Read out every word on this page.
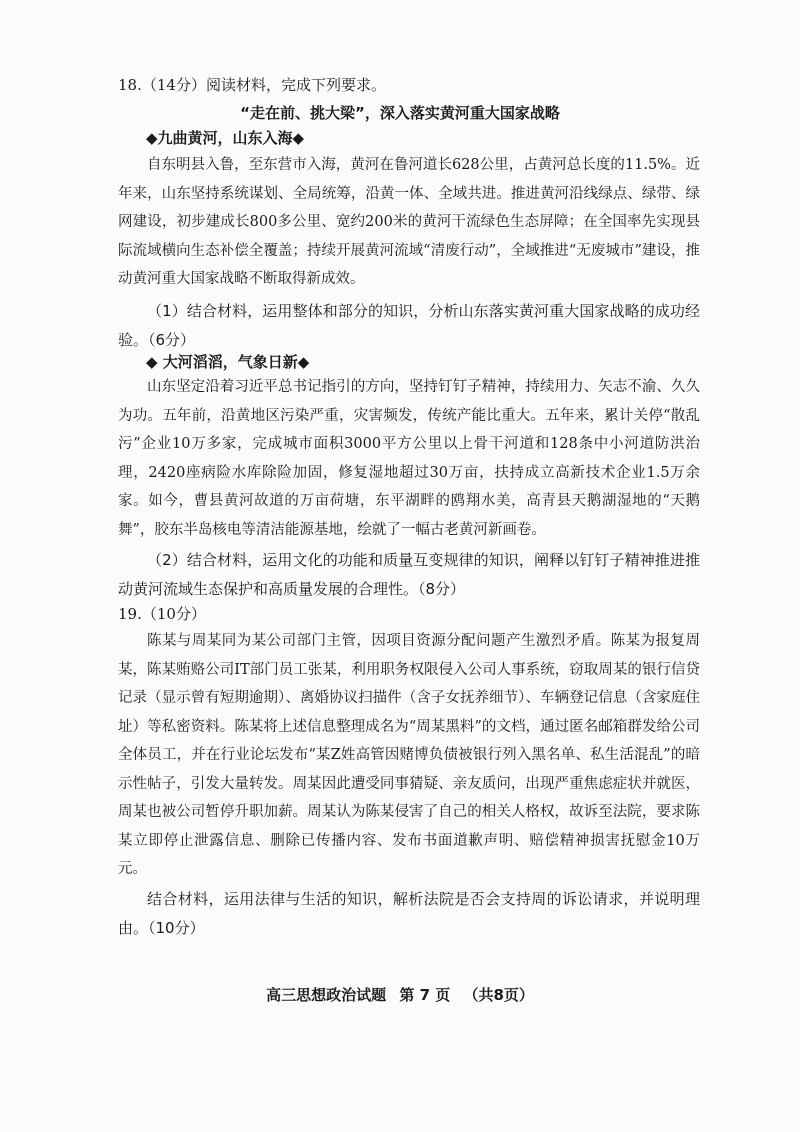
18.（14分）阅读材料，完成下列要求。
“走在前、挑大梁”，深入落实黄河重大国家战略
◆九曲黄河，山东入海◆

自东明县入鲁，至东营市入海，黄河在鲁河道长628公里，占黄河总长度的11.5%。近年来，山东坚持系统谋划、全局统筹，沿黄一体、全域共进。推进黄河沿线绿点、绿带、绿网建设，初步建成长800多公里、宽约200米的黄河干流绿色生态屏障；在全国率先实现县际流域横向生态补偿全覆盖；持续开展黄河流域“清废行动”，全域推进“无废城市”建设，推动黄河重大国家战略不断取得新成效。

（1）结合材料，运用整体和部分的知识，分析山东落实黄河重大国家战略的成功经验。（6分）

◆ 大河滔滔，气象日新◆

山东坚定沿着习近平总书记指引的方向，坚持钉钉子精神，持续用力、矢志不渝、久久为功。五年前，沿黄地区污染严重，灾害频发，传统产能比重大。五年来，累计关停“散乱污”企业10万多家，完成城市面积3000平方公里以上骨干河道和128条中小河道防洪治理，2420座病险水库除险加固，修复湿地超过30万亩，扶持成立高新技术企业1.5万余家。如今，曹县黄河故道的万亩荷塘，东平湖畔的鸥翔水美，高青县天鹅湖湿地的“天鹅舞”，胶东半岛核电等清洁能源基地，绘就了一幅古老黄河新画卷。

（2）结合材料，运用文化的功能和质量互变规律的知识，阐释以钉钉子精神推进推动黄河流域生态保护和高质量发展的合理性。（8分）

19.（10分）

陈某与周某同为某公司部门主管，因项目资源分配问题产生激烈矛盾。陈某为报复周某，陈某贿赂公司IT部门员工张某，利用职务权限侵入公司人事系统，窃取周某的银行信贷记录（显示曾有短期逾期）、离婚协议扫描件（含子女抚养细节）、车辆登记信息（含家庭住址）等私密资料。陈某将上述信息整理成名为“周某黑料”的文档，通过匿名邮箱群发给公司全体员工，并在行业论坛发布“某Z姓高管因赌博负债被银行列入黑名单、私生活混乱”的暗示性帖子，引发大量转发。周某因此遭受同事猜疑、亲友质问，出现严重焦虑症状并就医，周某也被公司暂停升职加薪。周某认为陈某侵害了自己的相关人格权，故诉至法院，要求陈某立即停止泄露信息、删除已传播内容、发布书面道歉声明、赔偿精神损害抚慰金10万元。

结合材料，运用法律与生活的知识，解析法院是否会支持周的诉讼请求，并说明理由。（10分）

高三思想政治试题 第 7 页 （共8页）
